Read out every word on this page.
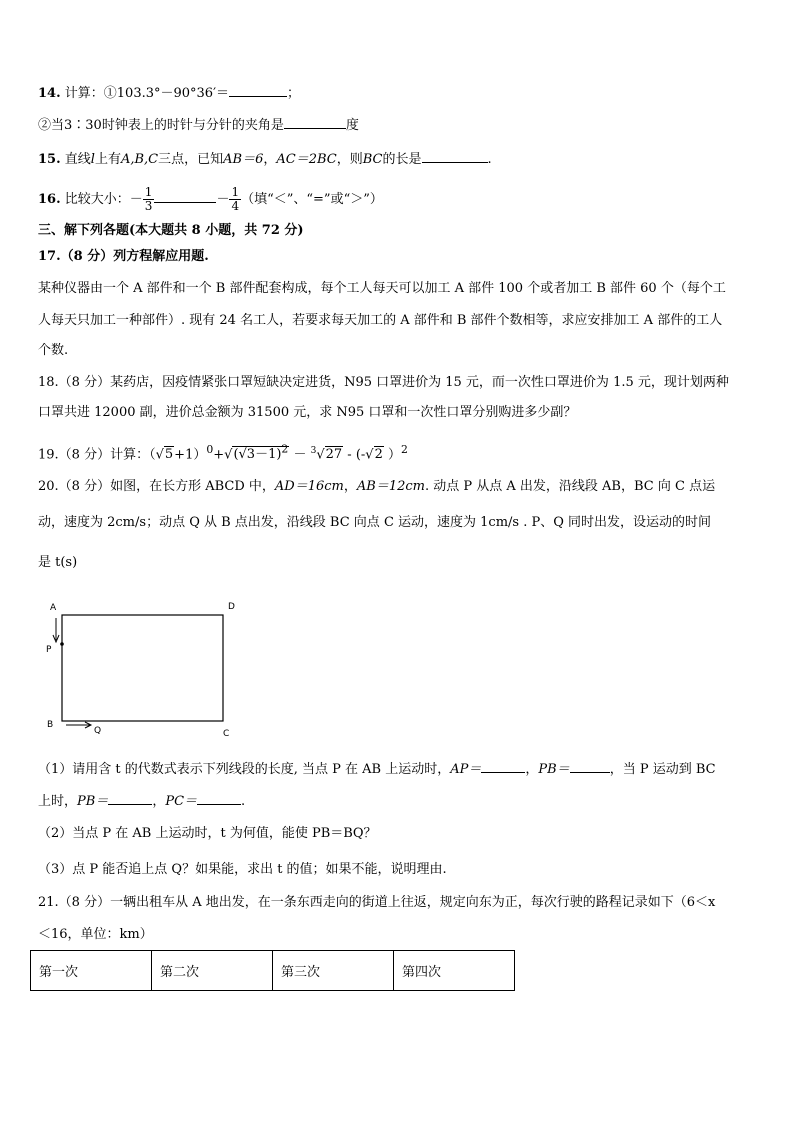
14. 计算：①103.3°－90°36′＝	；
②当3∶30时钟表上的时针与分针的夹角是	度
15. 直线l上有A,B,C三点，已知AB＝6，AC＝2BC，则BC的长是	.
16. 比较大小：－ $\frac{1}{3}$	－ $\frac{1}{4}$ （填“＜”、“=”或“＞”）
三、解下列各题(本大题共 8 小题，共 72 分)
17.（8 分）列方程解应用题.
某种仪器由一个 A 部件和一个 B 部件配套构成，每个工人每天可以加工 A 部件 100 个或者加工 B 部件 60 个（每个工
人每天只加工一种部件）. 现有 24 名工人，若要求每天加工的 A 部件和 B 部件个数相等，求应安排加工 A 部件的工人
个数.
18.（8 分）某药店，因疫情紧张口罩短缺决定进货，N95 口罩进价为 15 元，而一次性口罩进价为 1.5 元，现计划两种
口罩共进 12000 副，进价总金额为 31500 元，求 N95 口罩和一次性口罩分别购进多少副？
19.（8 分）计算：$(√5+1)^0+√(√3-1)^2 - ^3√27 - (-√2$ ）$^2$
20.（8 分）如图，在长方形 ABCD 中，AD＝16cm，AB＝12cm. 动点 P 从点 A 出发，沿线段 AB，BC 向 C 点运
动，速度为 2cm/s；动点 Q 从 B 点出发，沿线段 BC 向点 C 运动，速度为 1cm/s . P、Q 同时出发，设运动的时间
是 t(s)
A	D
P
B
C
Q
（1）请用含 t 的代数式表示下列线段的长度, 当点 P 在 AB 上运动时，AP＝	，PB＝	，当 P 运动到 BC
上时，PB＝	，PC＝	.
（2）当点 P 在 AB 上运动时，t 为何值，能使 PB＝BQ？
（3）点 P 能否追上点 Q？如果能，求出 t 的值；如果不能，说明理由.
21.（8 分）一辆出租车从 A 地出发，在一条东西走向的街道上往返，规定向东为正，每次行驶的路程记录如下（6＜x
＜16，单位：km）
第一次	第二次	第三次	第四次
